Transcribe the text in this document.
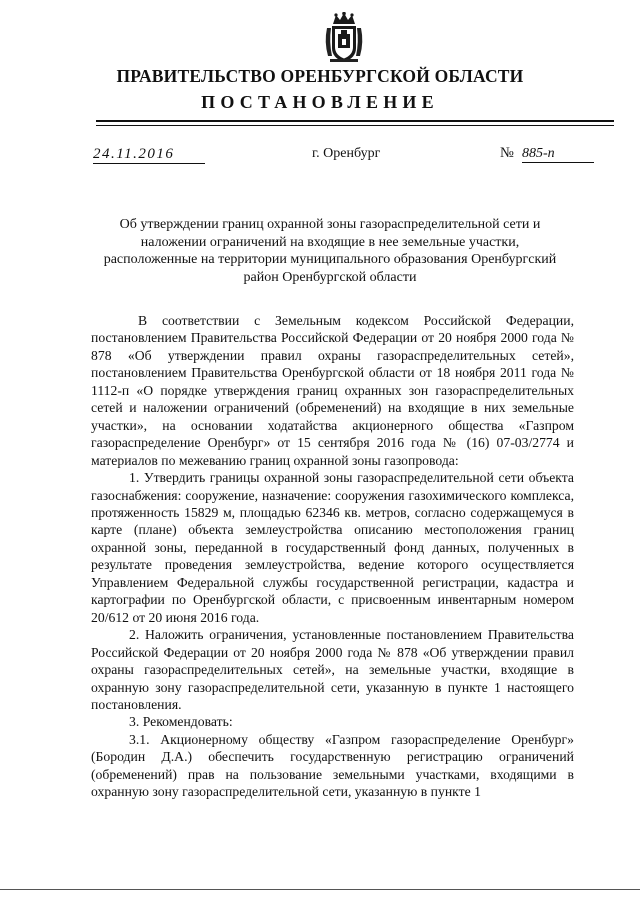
ПРАВИТЕЛЬСТВО ОРЕНБУРГСКОЙ ОБЛАСТИ
ПОСТАНОВЛЕНИЕ
24.11.2016	г. Оренбург	№ 885-п
Об утверждении границ охранной зоны газораспределительной сети и наложении ограничений на входящие в нее земельные участки, расположенные на территории муниципального образования Оренбургский район Оренбургской области

В соответствии с Земельным кодексом Российской Федерации, постановлением Правительства Российской Федерации от 20 ноября 2000 года № 878 «Об утверждении правил охраны газораспределительных сетей», постановлением Правительства Оренбургской области от 18 ноября 2011 года № 1112-п «О порядке утверждения границ охранных зон газораспределительных сетей и наложении ограничений (обременений) на входящие в них земельные участки», на основании ходатайства акционерного общества «Газпром газораспределение Оренбург» от 15 сентября 2016 года № (16) 07-03/2774 и материалов по межеванию границ охранной зоны газопровода:

1. Утвердить границы охранной зоны газораспределительной сети объекта газоснабжения: сооружение, назначение: сооружения газохимического комплекса, протяженность 15829 м, площадью 62346 кв. метров, согласно содержащемуся в карте (плане) объекта землеустройства описанию местоположения границ охранной зоны, переданной в государственный фонд данных, полученных в результате проведения землеустройства, ведение которого осуществляется Управлением Федеральной службы государственной регистрации, кадастра и картографии по Оренбургской области, с присвоенным инвентарным номером 20/612 от 20 июня 2016 года.

2. Наложить ограничения, установленные постановлением Правительства Российской Федерации от 20 ноября 2000 года № 878 «Об утверждении правил охраны газораспределительных сетей», на земельные участки, входящие в охранную зону газораспределительной сети, указанную в пункте 1 настоящего постановления.

3. Рекомендовать:

3.1. Акционерному обществу «Газпром газораспределение Оренбург» (Бородин Д.А.) обеспечить государственную регистрацию ограничений (обременений) прав на пользование земельными участками, входящими в охранную зону газораспределительной сети, указанную в пункте 1
